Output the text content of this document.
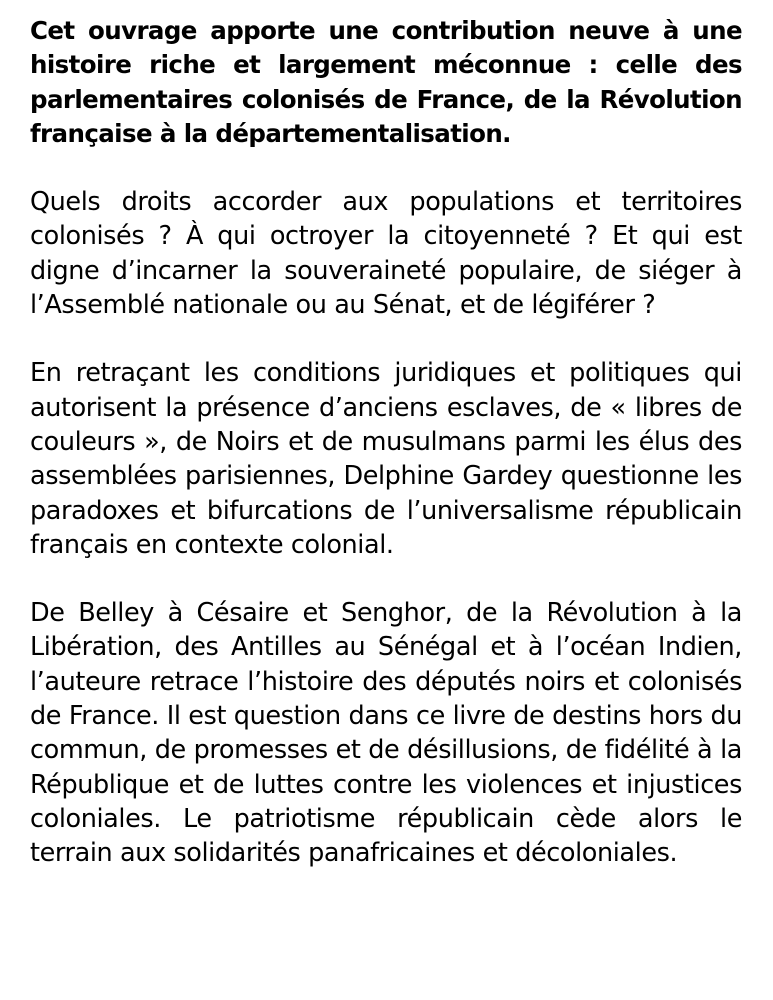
Cet ouvrage apporte une contribution neuve à une histoire riche et largement méconnue : celle des parlementaires colonisés de France, de la Révolution française à la départementalisation.

Quels droits accorder aux populations et territoires colonisés ? À qui octroyer la citoyenneté ? Et qui est digne d’incarner la souveraineté populaire, de siéger à l’Assemblé nationale ou au Sénat, et de légiférer ?

En retraçant les conditions juridiques et politiques qui autorisent la présence d’anciens esclaves, de « libres de couleurs », de Noirs et de musulmans parmi les élus des assemblées parisiennes, Delphine Gardey questionne les paradoxes et bifurcations de l’universalisme républicain français en contexte colonial.

De Belley à Césaire et Senghor, de la Révolution à la Libération, des Antilles au Sénégal et à l’océan Indien, l’auteure retrace l’histoire des députés noirs et colonisés de France. Il est question dans ce livre de destins hors du commun, de promesses et de désillusions, de fidélité à la République et de luttes contre les violences et injustices coloniales. Le patriotisme républicain cède alors le terrain aux solidarités panafricaines et décoloniales.
